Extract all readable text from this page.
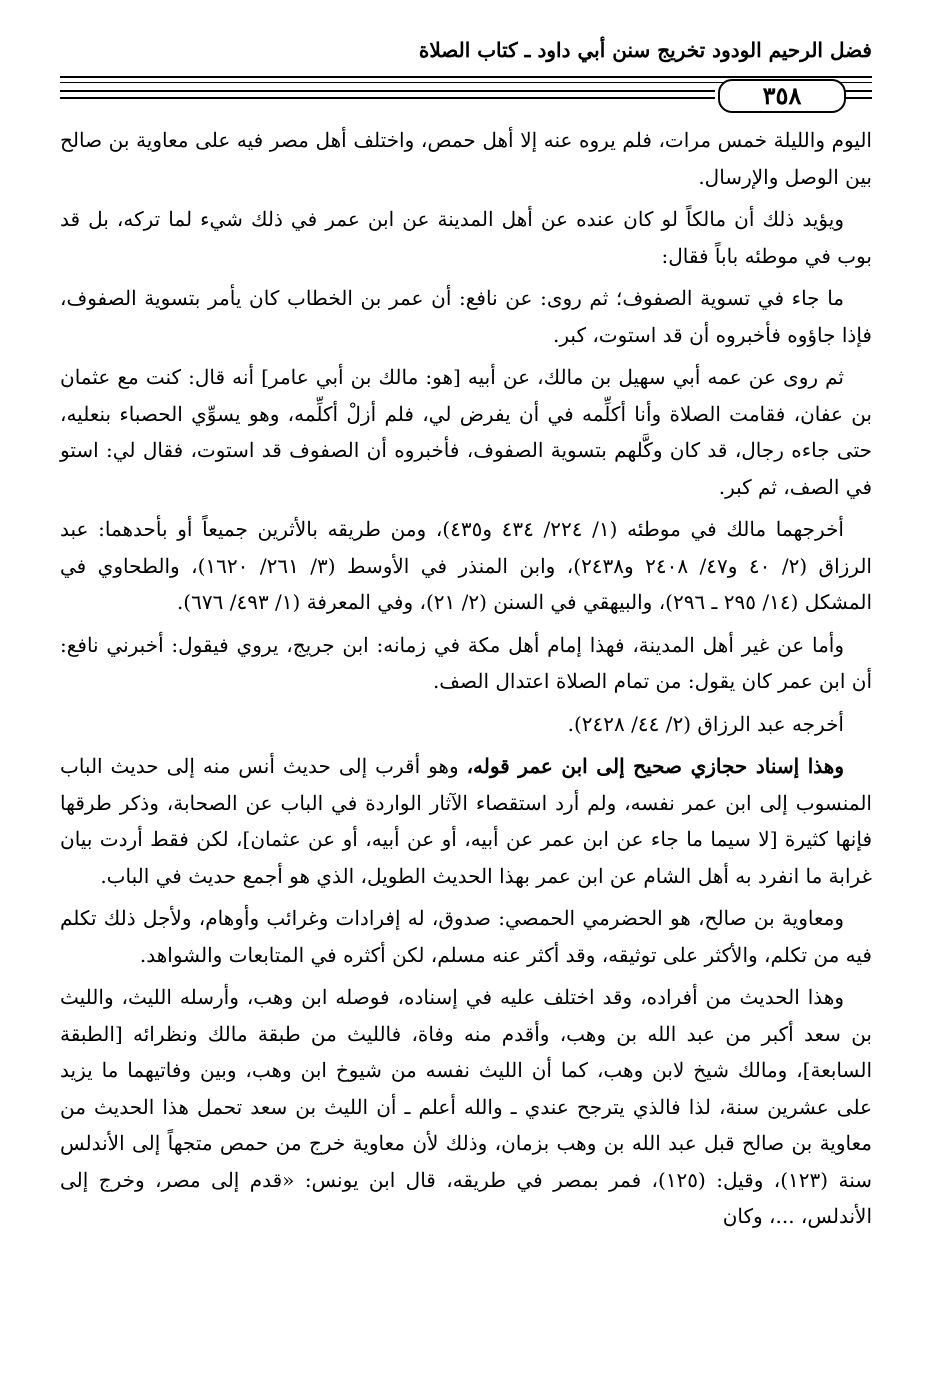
فضل الرحيم الودود تخريج سنن أبي داود ـ كتاب الصلاة
٣٥٨

اليوم والليلة خمس مرات، فلم يروه عنه إلا أهل حمص، واختلف أهل مصر فيه على معاوية بن صالح بين الوصل والإرسال.

ويؤيد ذلك أن مالكاً لو كان عنده عن أهل المدينة عن ابن عمر في ذلك شيء لما تركه، بل قد بوب في موطئه باباً فقال:

ما جاء في تسوية الصفوف؛ ثم روى: عن نافع: أن عمر بن الخطاب كان يأمر بتسوية الصفوف، فإذا جاؤوه فأخبروه أن قد استوت، كبر.

ثم روى عن عمه أبي سهيل بن مالك، عن أبيه [هو: مالك بن أبي عامر] أنه قال: كنت مع عثمان بن عفان، فقامت الصلاة وأنا أكلِّمه في أن يفرض لي، فلم أزلْ أكلِّمه، وهو يسوِّي الحصباء بنعليه، حتى جاءه رجال، قد كان وكَّلهم بتسوية الصفوف، فأخبروه أن الصفوف قد استوت، فقال لي: استو في الصف، ثم كبر.

أخرجهما مالك في موطئه (١/ ٢٢٤/ ٤٣٤ و٤٣٥)، ومن طريقه بالأثرين جميعاً أو بأحدهما: عبد الرزاق (٢/ ٤٠ و٤٧/ ٢٤٠٨ و٢٤٣٨)، وابن المنذر في الأوسط (٣/ ٢٦١/ ١٦٢٠)، والطحاوي في المشكل (١٤/ ٢٩٥ ـ ٢٩٦)، والبيهقي في السنن (٢/ ٢١)، وفي المعرفة (١/ ٤٩٣/ ٦٧٦).

وأما عن غير أهل المدينة، فهذا إمام أهل مكة في زمانه: ابن جريج، يروي فيقول: أخبرني نافع: أن ابن عمر كان يقول: من تمام الصلاة اعتدال الصف.

أخرجه عبد الرزاق (٢/ ٤٤/ ٢٤٢٨).

وهذا إسناد حجازي صحيح إلى ابن عمر قوله، وهو أقرب إلى حديث أنس منه إلى حديث الباب المنسوب إلى ابن عمر نفسه، ولم أرد استقصاء الآثار الواردة في الباب عن الصحابة، وذكر طرقها فإنها كثيرة [لا سيما ما جاء عن ابن عمر عن أبيه، أو عن أبيه، أو عن عثمان]، لكن فقط أردت بيان غرابة ما انفرد به أهل الشام عن ابن عمر بهذا الحديث الطويل، الذي هو أجمع حديث في الباب.

ومعاوية بن صالح، هو الحضرمي الحمصي: صدوق، له إفرادات وغرائب وأوهام، ولأجل ذلك تكلم فيه من تكلم، والأكثر على توثيقه، وقد أكثر عنه مسلم، لكن أكثره في المتابعات والشواهد.

وهذا الحديث من أفراده، وقد اختلف عليه في إسناده، فوصله ابن وهب، وأرسله الليث، والليث بن سعد أكبر من عبد الله بن وهب، وأقدم منه وفاة، فالليث من طبقة مالك ونظرائه [الطبقة السابعة]، ومالك شيخ لابن وهب، كما أن الليث نفسه من شيوخ ابن وهب، وبين وفاتيهما ما يزيد على عشرين سنة، لذا فالذي يترجح عندي ـ والله أعلم ـ أن الليث بن سعد تحمل هذا الحديث من معاوية بن صالح قبل عبد الله بن وهب بزمان، وذلك لأن معاوية خرج من حمص متجهاً إلى الأندلس سنة (١٢٣)، وقيل: (١٢٥)، فمر بمصر في طريقه، قال ابن يونس: «قدم إلى مصر، وخرج إلى الأندلس، ...، وكان
